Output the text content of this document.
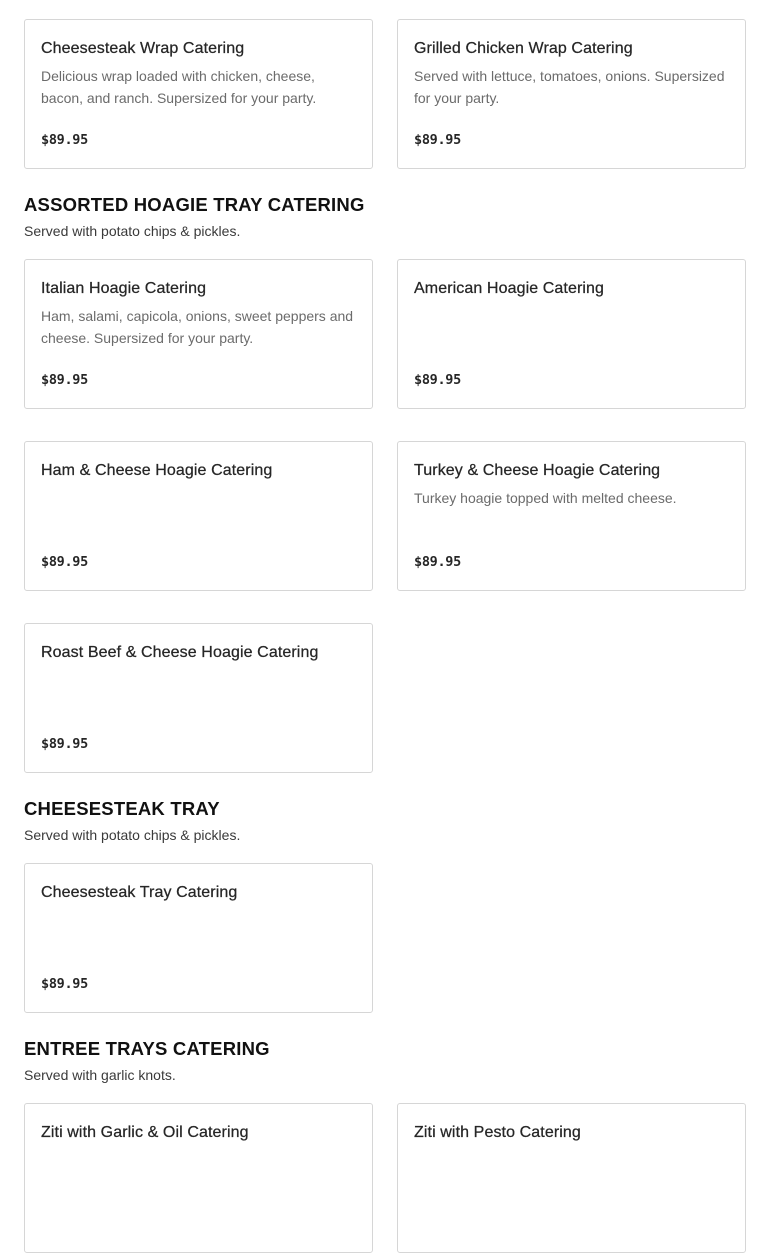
Cheesesteak Wrap Catering
Delicious wrap loaded with chicken, cheese, bacon, and ranch. Supersized for your party.
$89.95
Grilled Chicken Wrap Catering
Served with lettuce, tomatoes, onions. Supersized for your party.
$89.95
ASSORTED HOAGIE TRAY CATERING
Served with potato chips & pickles.
Italian Hoagie Catering
Ham, salami, capicola, onions, sweet peppers and cheese. Supersized for your party.
$89.95
American Hoagie Catering
$89.95
Ham & Cheese Hoagie Catering
$89.95
Turkey & Cheese Hoagie Catering
Turkey hoagie topped with melted cheese.
$89.95
Roast Beef & Cheese Hoagie Catering
$89.95
CHEESESTEAK TRAY
Served with potato chips & pickles.
Cheesesteak Tray Catering
$89.95
ENTREE TRAYS CATERING
Served with garlic knots.
Ziti with Garlic & Oil Catering	Ziti with Pesto Catering
